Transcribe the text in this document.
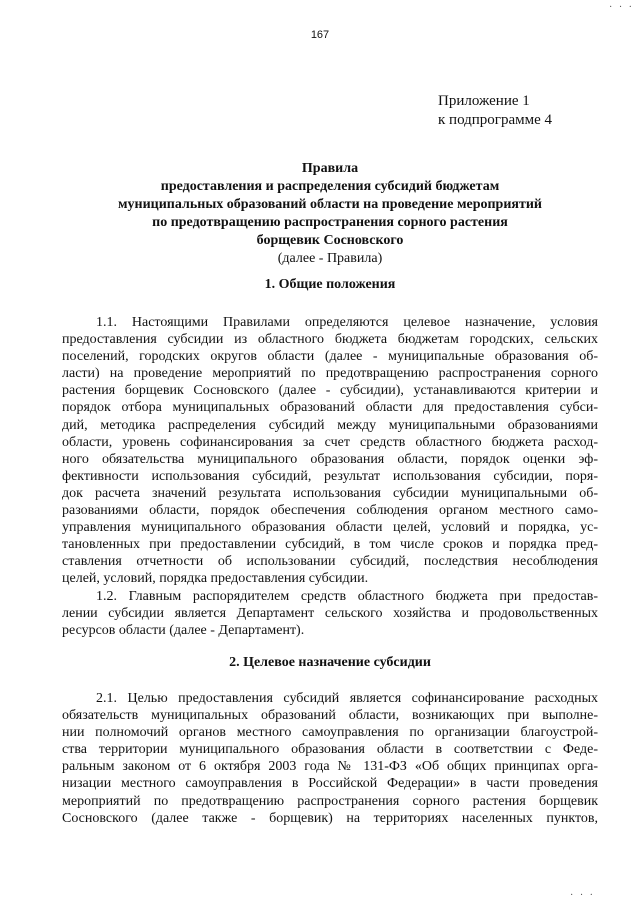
· · ·
167
Приложение 1
к подпрограмме 4
Правила
предоставления и распределения субсидий бюджетам
муниципальных образований области на проведение мероприятий
по предотвращению распространения сорного растения
борщевик Сосновского
(далее - Правила)
1. Общие положения
1.1. Настоящими Правилами определяются целевое назначение, условия
предоставления субсидии из областного бюджета бюджетам городских, сельских
поселений, городских округов области (далее - муниципальные образования об-
ласти) на проведение мероприятий по предотвращению распространения сорного
растения борщевик Сосновского (далее - субсидии), устанавливаются критерии и
порядок отбора муниципальных образований области для предоставления субси-
дий, методика распределения субсидий между муниципальными образованиями
области, уровень софинансирования за счет средств областного бюджета расход-
ного обязательства муниципального образования области, порядок оценки эф-
фективности использования субсидий, результат использования субсидии, поря-
док расчета значений результата использования субсидии муниципальными об-
разованиями области, порядок обеспечения соблюдения органом местного само-
управления муниципального образования области целей, условий и порядка, ус-
тановленных при предоставлении субсидий, в том числе сроков и порядка пред-
ставления отчетности об использовании субсидий, последствия несоблюдения
целей, условий, порядка предоставления субсидии.
1.2. Главным распорядителем средств областного бюджета при предостав-
лении субсидии является Департамент сельского хозяйства и продовольственных
ресурсов области (далее - Департамент).
2. Целевое назначение субсидии
2.1. Целью предоставления субсидий является софинансирование расходных
обязательств муниципальных образований области, возникающих при выполне-
нии полномочий органов местного самоуправления по организации благоустрой-
ства территории муниципального образования области в соответствии с Феде-
ральным законом от 6 октября 2003 года № 131-ФЗ «Об общих принципах орга-
низации местного самоуправления в Российской Федерации» в части проведения
мероприятий по предотвращению распространения сорного растения борщевик
Сосновского (далее также - борщевик) на территориях населенных пунктов,
· · ·
